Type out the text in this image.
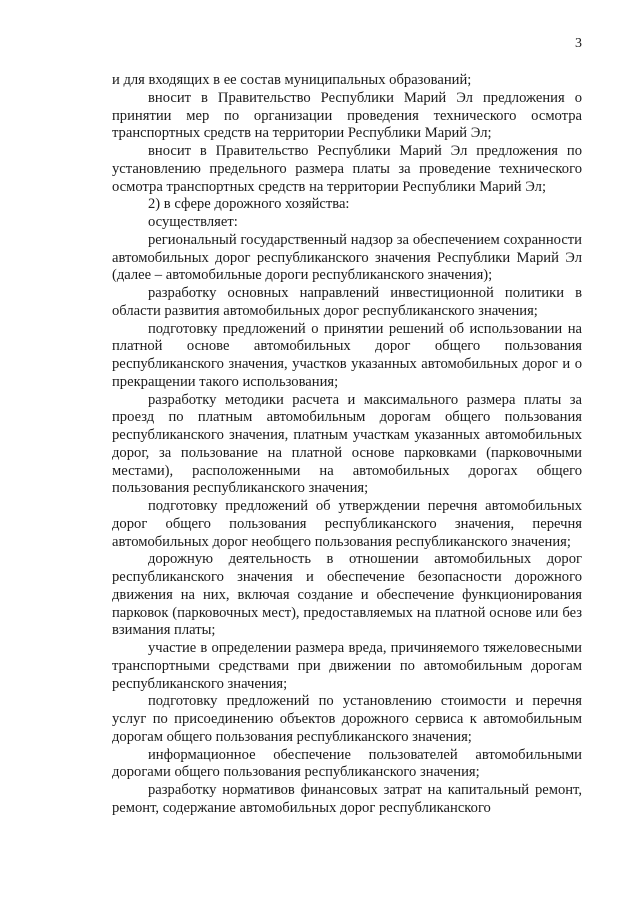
3

и для входящих в ее состав муниципальных образований;

вносит в Правительство Республики Марий Эл предложения о принятии мер по организации проведения технического осмотра транспортных средств на территории Республики Марий Эл;

вносит в Правительство Республики Марий Эл предложения по установлению предельного размера платы за проведение технического осмотра транспортных средств на территории Республики Марий Эл;

2) в сфере дорожного хозяйства:

осуществляет:

региональный государственный надзор за обеспечением сохранности автомобильных дорог республиканского значения Республики Марий Эл (далее – автомобильные дороги республиканского значения);

разработку основных направлений инвестиционной политики в области развития автомобильных дорог республиканского значения;

подготовку предложений о принятии решений об использовании на платной основе автомобильных дорог общего пользования республиканского значения, участков указанных автомобильных дорог и о прекращении такого использования;

разработку методики расчета и максимального размера платы за проезд по платным автомобильным дорогам общего пользования республиканского значения, платным участкам указанных автомобильных дорог, за пользование на платной основе парковками (парковочными местами), расположенными на автомобильных дорогах общего пользования республиканского значения;

подготовку предложений об утверждении перечня автомобильных дорог общего пользования республиканского значения, перечня автомобильных дорог необщего пользования республиканского значения;

дорожную деятельность в отношении автомобильных дорог республиканского значения и обеспечение безопасности дорожного движения на них, включая создание и обеспечение функционирования парковок (парковочных мест), предоставляемых на платной основе или без взимания платы;

участие в определении размера вреда, причиняемого тяжеловесными транспортными средствами при движении по автомобильным дорогам республиканского значения;

подготовку предложений по установлению стоимости и перечня услуг по присоединению объектов дорожного сервиса к автомобильным дорогам общего пользования республиканского значения;

информационное обеспечение пользователей автомобильными дорогами общего пользования республиканского значения;

разработку нормативов финансовых затрат на капитальный ремонт, ремонт, содержание автомобильных дорог республиканского
